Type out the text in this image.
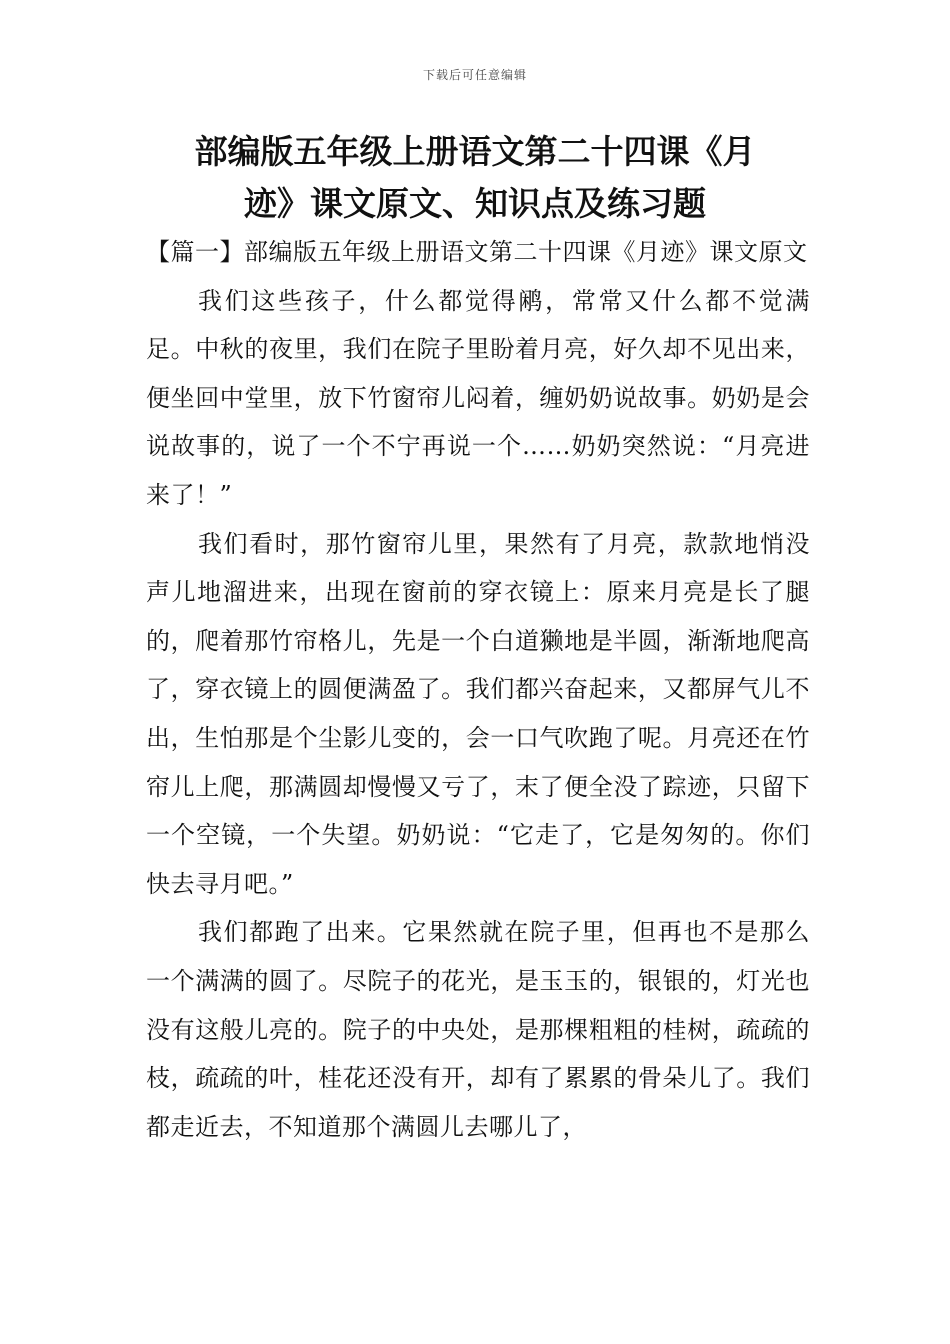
下载后可任意编辑
部编版五年级上册语文第二十四课《月
迹》课文原文、知识点及练习题

【篇一】部编版五年级上册语文第二十四课《月迹》课文原文

我们这些孩子，什么都觉得鹇，常常又什么都不觉满足。中秋的夜里，我们在院子里盼着月亮，好久却不见出来，便坐回中堂里，放下竹窗帘儿闷着，缠奶奶说故事。奶奶是会说故事的，说了一个不宁再说一个……奶奶突然说：“月亮进来了！”

我们看时，那竹窗帘儿里，果然有了月亮，款款地悄没声儿地溜进来，出现在窗前的穿衣镜上：原来月亮是长了腿的，爬着那竹帘格儿，先是一个白道獭地是半圆，渐渐地爬高了，穿衣镜上的圆便满盈了。我们都兴奋起来，又都屏气儿不出，生怕那是个尘影儿变的，会一口气吹跑了呢。月亮还在竹帘儿上爬，那满圆却慢慢又亏了，末了便全没了踪迹，只留下一个空镜，一个失望。奶奶说：“它走了，它是匆匆的。你们快去寻月吧。”

我们都跑了出来。它果然就在院子里，但再也不是那么一个满满的圆了。尽院子的花光，是玉玉的，银银的，灯光也没有这般儿亮的。院子的中央处，是那棵粗粗的桂树，疏疏的枝，疏疏的叶，桂花还没有开，却有了累累的骨朵儿了。我们都走近去，不知道那个满圆儿去哪儿了，
